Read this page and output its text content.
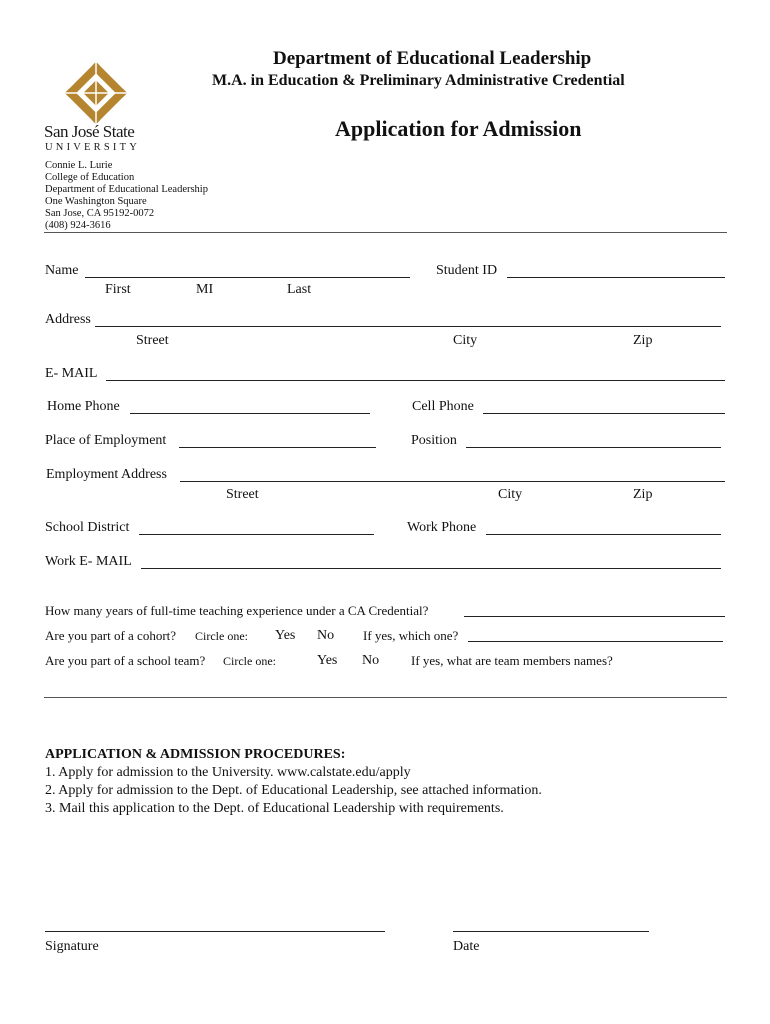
San José State
UNIVERSITY
Department of Educational Leadership
M.A. in Education & Preliminary Administrative Credential
Application for Admission
Connie L. Lurie
College of Education
Department of Educational Leadership
One Washington Square
San Jose, CA 95192-0072
(408) 924-3616
Name	Student ID
First	MI	Last
Address
Street	City	Zip
E- MAIL
Home Phone	Cell Phone
Place of Employment	Position
Employment Address
Street	City	Zip
School District	Work Phone
Work E- MAIL
How many years of full-time teaching experience under a CA Credential?
Are you part of a cohort? Circle one: Yes No If yes, which one?
Are you part of a school team? Circle one:	Yes No If yes, what are team members names?
APPLICATION & ADMISSION PROCEDURES:
1. Apply for admission to the University. www.calstate.edu/apply
2. Apply for admission to the Dept. of Educational Leadership, see attached information.
3. Mail this application to the Dept. of Educational Leadership with requirements.
Signature	Date
